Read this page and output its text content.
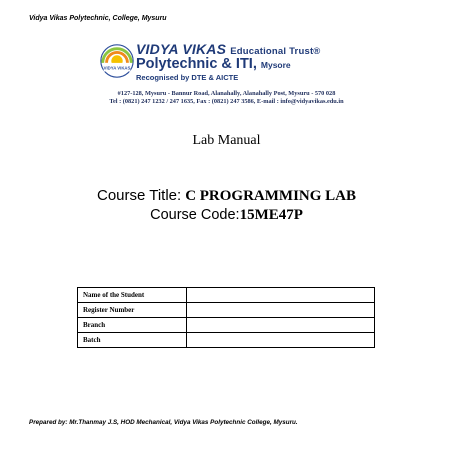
Vidya Vikas Polytechnic, College, Mysuru
VIDYA VIKAS
VIDYA VIKAS Educational Trust®
Polytechnic & ITI, Mysore
Recognised by DTE & AICTE
#127-128, Mysuru - Bannur Road, Alanahally, Alanahally Post, Mysuru - 570 028
Tel : (0821) 247 1232 / 247 1635, Fax : (0821) 247 3586, E-mail : info@vidyavikas.edu.in
Lab Manual
Course Title: C PROGRAMMING LAB
Course Code:15ME47P
Name of the Student	
Register Number	
Branch	
Batch	
Prepared by: Mr.Thanmay J.S, HOD Mechanical, Vidya Vikas Polytechnic College, Mysuru.
